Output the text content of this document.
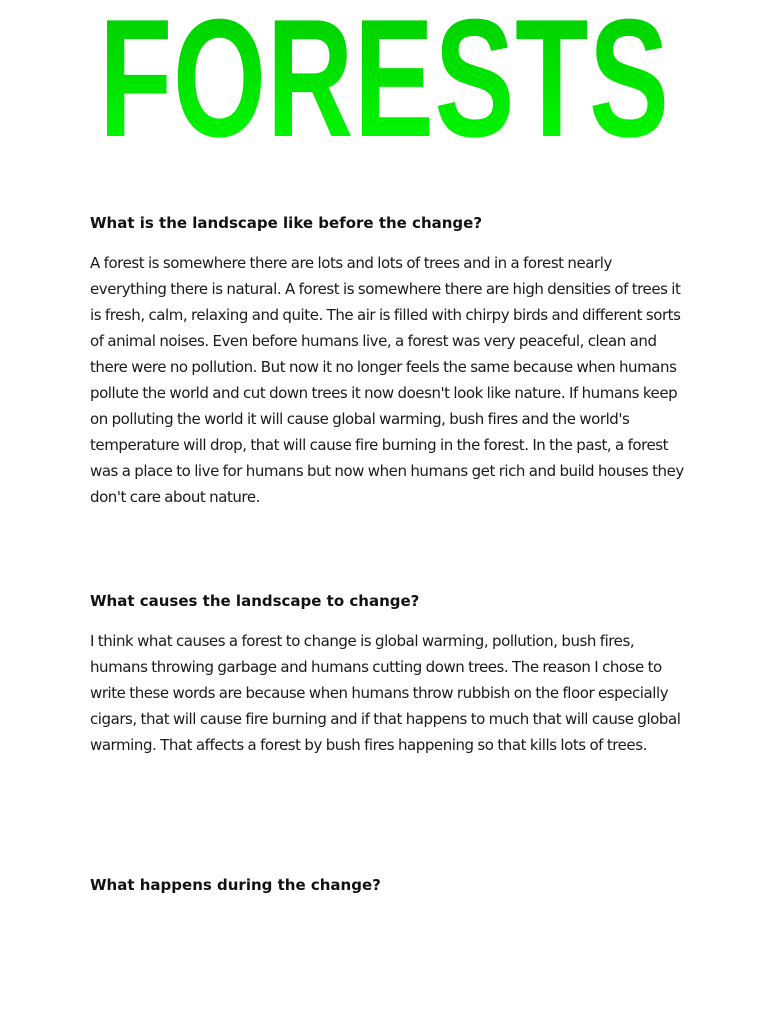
FORESTS

What is the landscape like before the change?

A forest is somewhere there are lots and lots of trees and in a forest nearly everything there is natural. A forest is somewhere there are high densities of trees it is fresh, calm, relaxing and quite. The air is filled with chirpy birds and different sorts of animal noises. Even before humans live, a forest was very peaceful, clean and there were no pollution. But now it no longer feels the same because when humans pollute the world and cut down trees it now doesn't look like nature. If humans keep on polluting the world it will cause global warming, bush fires and the world's temperature will drop, that will cause fire burning in the forest. In the past, a forest was a place to live for humans but now when humans get rich and build houses they don't care about nature.

What causes the landscape to change?

I think what causes a forest to change is global warming, pollution, bush fires, humans throwing garbage and humans cutting down trees. The reason I chose to write these words are because when humans throw rubbish on the floor especially cigars, that will cause fire burning and if that happens to much that will cause global warming. That affects a forest by bush fires happening so that kills lots of trees.

What happens during the change?
